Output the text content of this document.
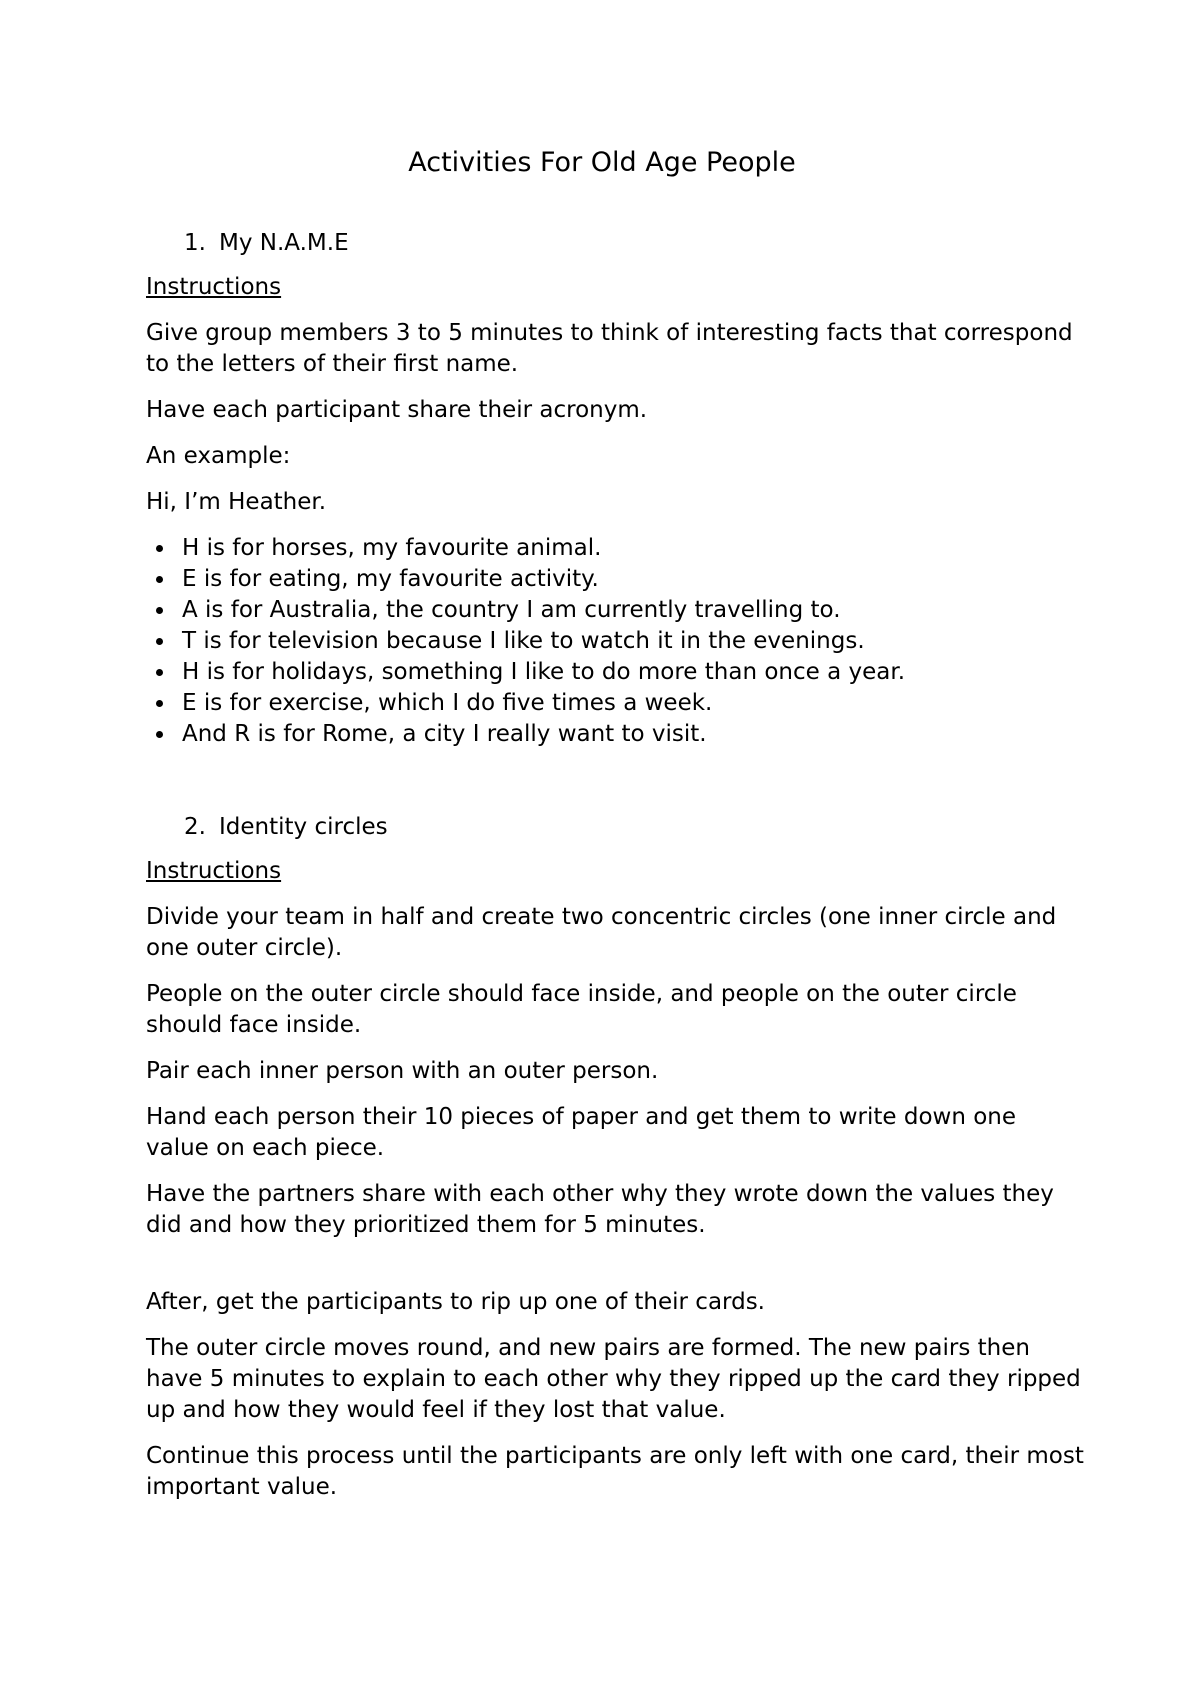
Activities For Old Age People
1. My N.A.M.E
Instructions

Give group members 3 to 5 minutes to think of interesting facts that correspond to the letters of their first name.

Have each participant share their acronym.

An example:

Hi, I’m Heather.

H is for horses, my favourite animal.
E is for eating, my favourite activity.
A is for Australia, the country I am currently travelling to.
T is for television because I like to watch it in the evenings.
H is for holidays, something I like to do more than once a year.
E is for exercise, which I do five times a week.
And R is for Rome, a city I really want to visit.
2. Identity circles
Instructions

Divide your team in half and create two concentric circles (one inner circle and one outer circle).

People on the outer circle should face inside, and people on the outer circle should face inside.

Pair each inner person with an outer person.

Hand each person their 10 pieces of paper and get them to write down one value on each piece.

Have the partners share with each other why they wrote down the values they did and how they prioritized them for 5 minutes.

After, get the participants to rip up one of their cards.

The outer circle moves round, and new pairs are formed. The new pairs then have 5 minutes to explain to each other why they ripped up the card they ripped up and how they would feel if they lost that value.

Continue this process until the participants are only left with one card, their most important value.
